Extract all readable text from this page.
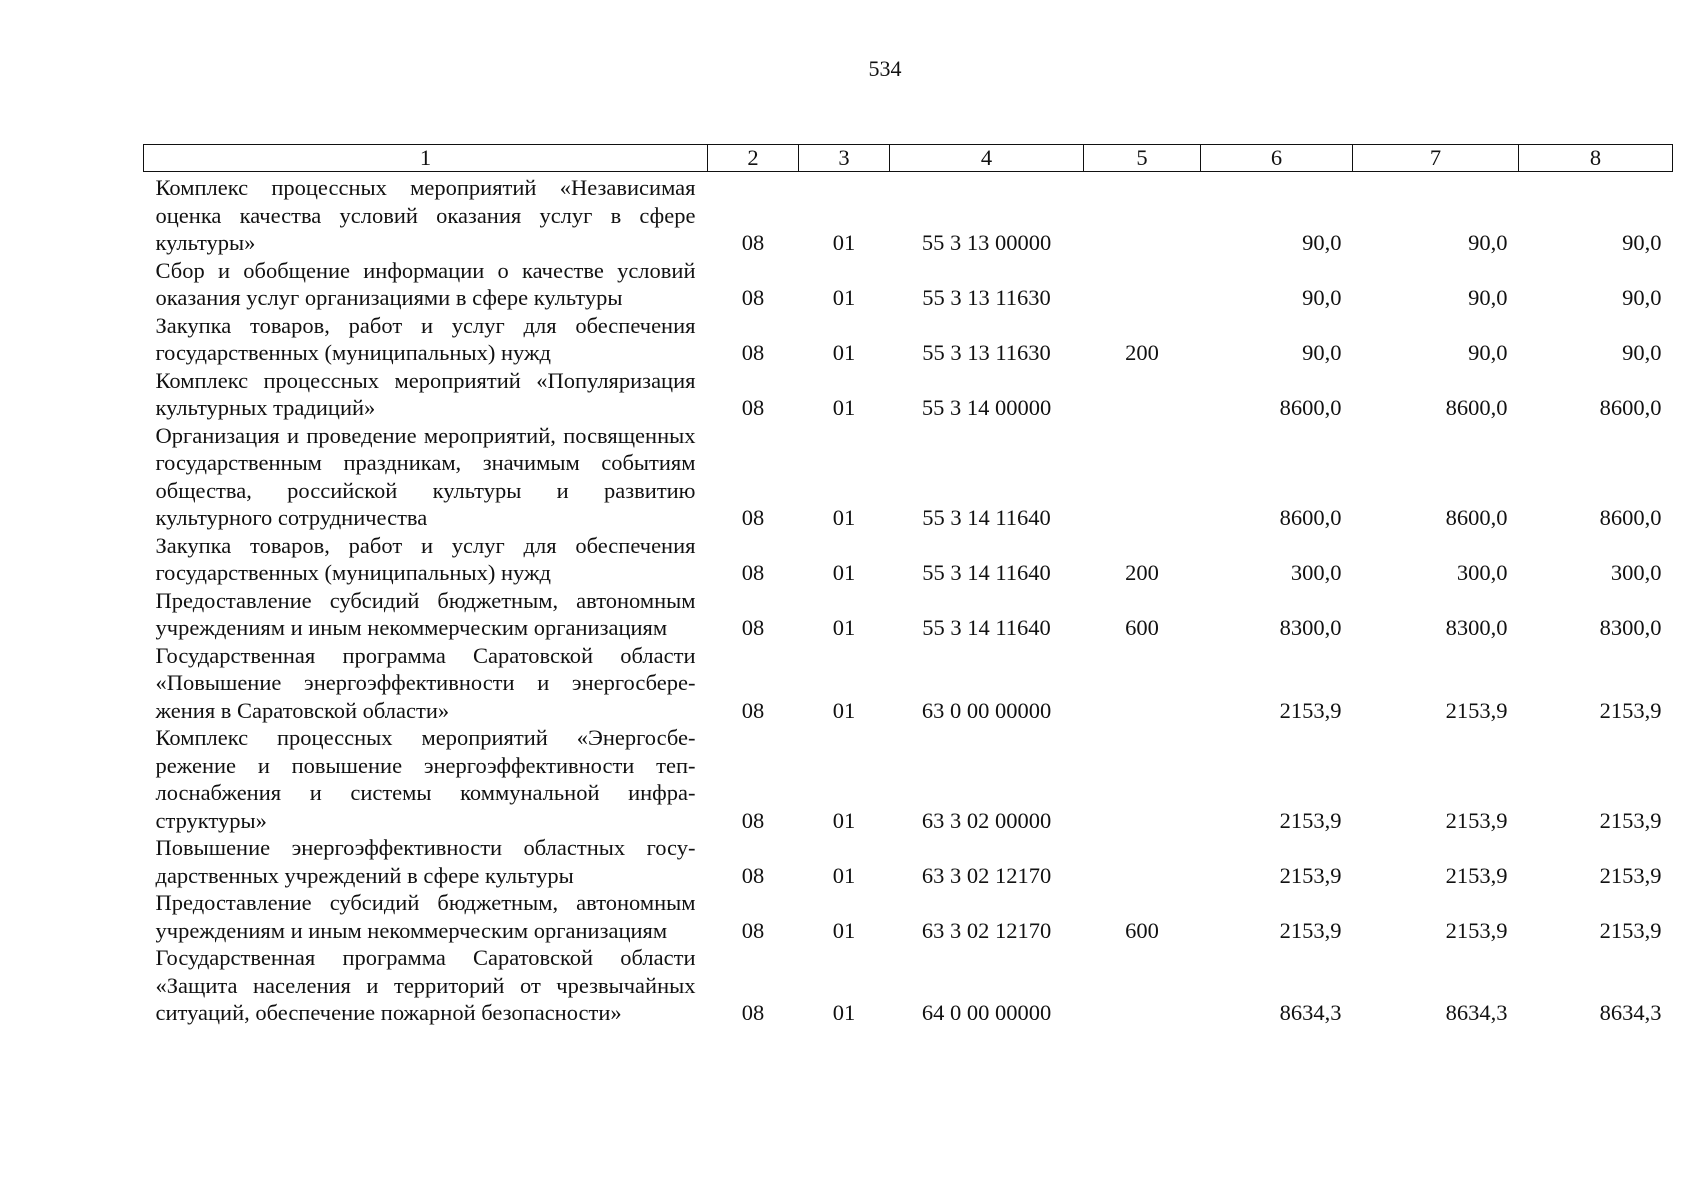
534
1	2	3	4	5	6	7	8
Комплекс процессных мероприятий «Независимая оценка качества условий оказания услуг в сфере культуры»	08	01	55 3 13 00000		90,0	90,0	90,0
Сбор и обобщение информации о качестве условий оказания услуг организациями в сфере культуры	08	01	55 3 13 11630		90,0	90,0	90,0
Закупка товаров, работ и услуг для обеспечения государственных (муниципальных) нужд	08	01	55 3 13 11630	200	90,0	90,0	90,0
Комплекс процессных мероприятий «Популяризация культурных традиций»	08	01	55 3 14 00000		8600,0	8600,0	8600,0
Организация и проведение мероприятий, посвященных государственным праздникам, значимым событиям общества, российской культуры и развитию культурного сотрудничества	08	01	55 3 14 11640		8600,0	8600,0	8600,0
Закупка товаров, работ и услуг для обеспечения государственных (муниципальных) нужд	08	01	55 3 14 11640	200	300,0	300,0	300,0
Предоставление субсидий бюджетным, автономным учреждениям и иным некоммерческим организациям	08	01	55 3 14 11640	600	8300,0	8300,0	8300,0
Государственная программа Саратовской области «Повышение энергоэффективности и энергосбережения в Саратовской области»	08	01	63 0 00 00000		2153,9	2153,9	2153,9
Комплекс процессных мероприятий «Энергосбережение и повышение энергоэффективности теплоснабжения и системы коммунальной инфраструктуры»	08	01	63 3 02 00000		2153,9	2153,9	2153,9
Повышение энергоэффективности областных государственных учреждений в сфере культуры	08	01	63 3 02 12170		2153,9	2153,9	2153,9
Предоставление субсидий бюджетным, автономным учреждениям и иным некоммерческим организациям	08	01	63 3 02 12170	600	2153,9	2153,9	2153,9
Государственная программа Саратовской области «Защита населения и территорий от чрезвычайных ситуаций, обеспечение пожарной безопасности»	08	01	64 0 00 00000		8634,3	8634,3	8634,3
